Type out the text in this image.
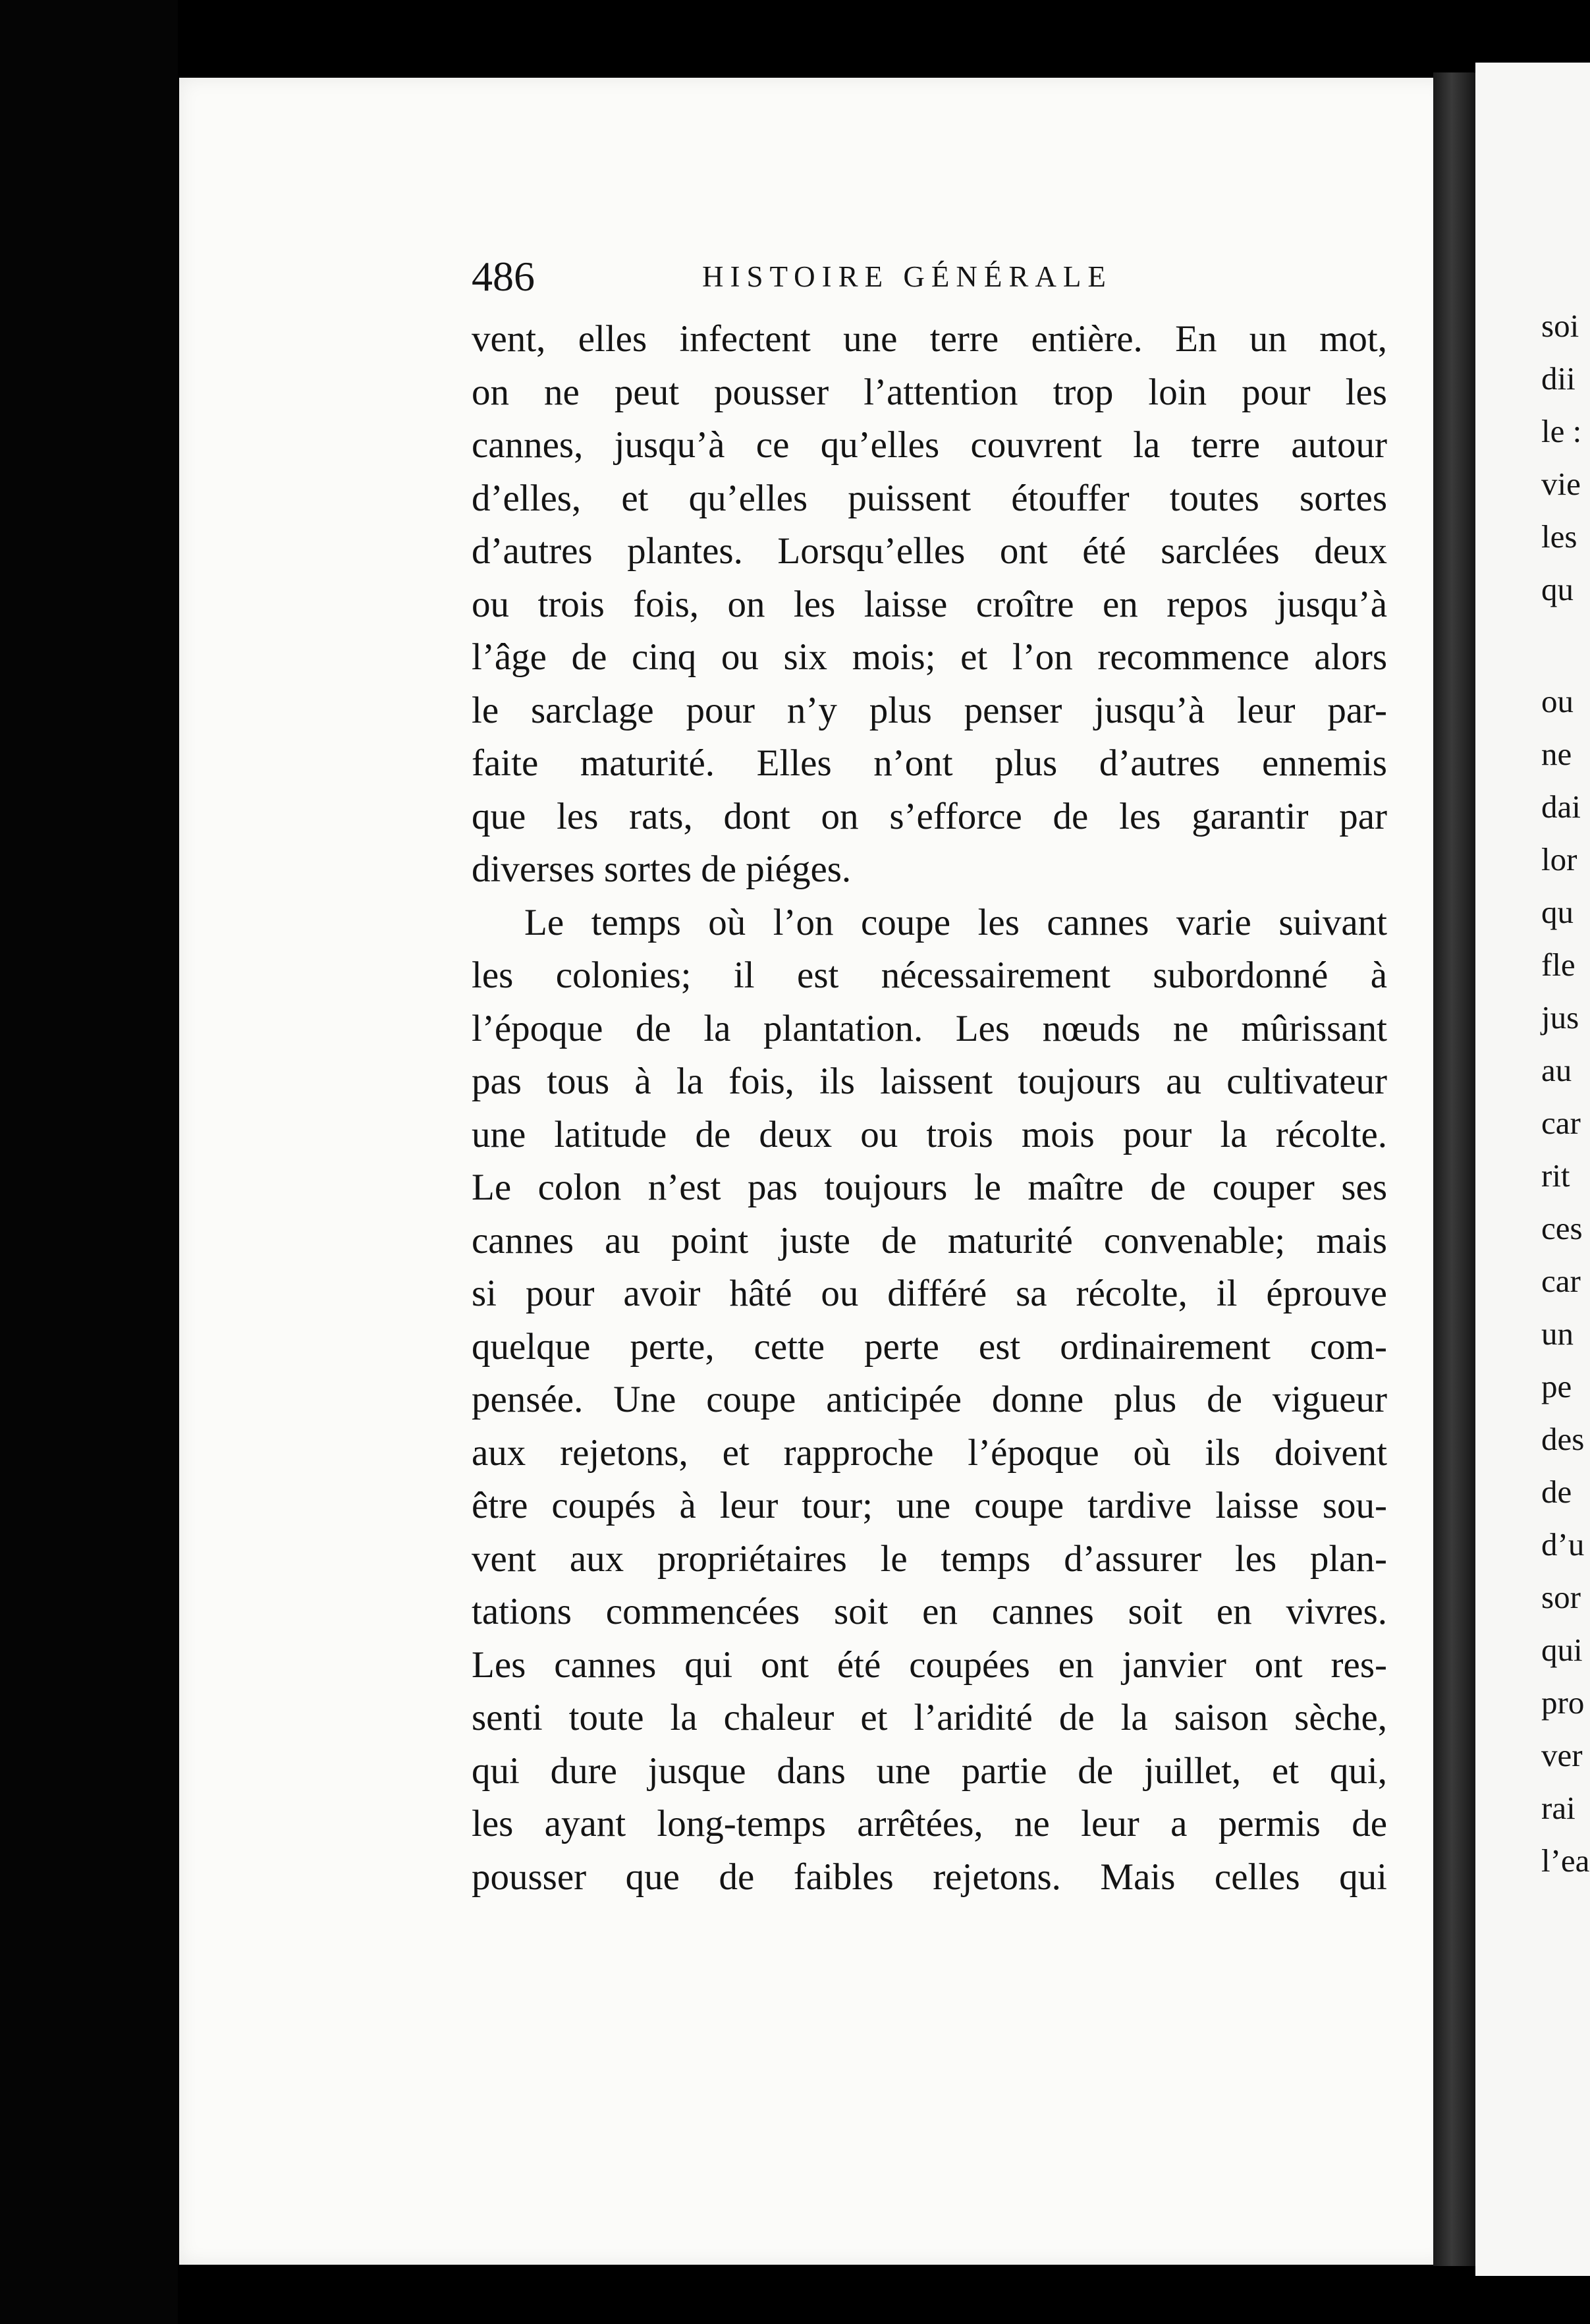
soi
dii
le :
vie
les
qu
ou
ne
dai
lor
qu
fle
jus
au
car
rit
ces
car
un
pe
des
de
d’u
sor
qui
pro
ver
rai
l’ea
486	HISTOIRE GÉNÉRALE
vent, elles infectent une terre entière. En un mot,
on ne peut pousser l’attention trop loin pour les
cannes, jusqu’à ce qu’elles couvrent la terre autour
d’elles, et qu’elles puissent étouffer toutes sortes
d’autres plantes. Lorsqu’elles ont été sarclées deux
ou trois fois, on les laisse croître en repos jusqu’à
l’âge de cinq ou six mois; et l’on recommence alors
le sarclage pour n’y plus penser jusqu’à leur par-
faite maturité. Elles n’ont plus d’autres ennemis
que les rats, dont on s’efforce de les garantir par
diverses sortes de piéges.
Le temps où l’on coupe les cannes varie suivant
les colonies; il est nécessairement subordonné à
l’époque de la plantation. Les nœuds ne mûrissant
pas tous à la fois, ils laissent toujours au cultivateur
une latitude de deux ou trois mois pour la récolte.
Le colon n’est pas toujours le maître de couper ses
cannes au point juste de maturité convenable; mais
si pour avoir hâté ou différé sa récolte, il éprouve
quelque perte, cette perte est ordinairement com-
pensée. Une coupe anticipée donne plus de vigueur
aux rejetons, et rapproche l’époque où ils doivent
être coupés à leur tour; une coupe tardive laisse sou-
vent aux propriétaires le temps d’assurer les plan-
tations commencées soit en cannes soit en vivres.
Les cannes qui ont été coupées en janvier ont res-
senti toute la chaleur et l’aridité de la saison sèche,
qui dure jusque dans une partie de juillet, et qui,
les ayant long-temps arrêtées, ne leur a permis de
pousser que de faibles rejetons. Mais celles qui
